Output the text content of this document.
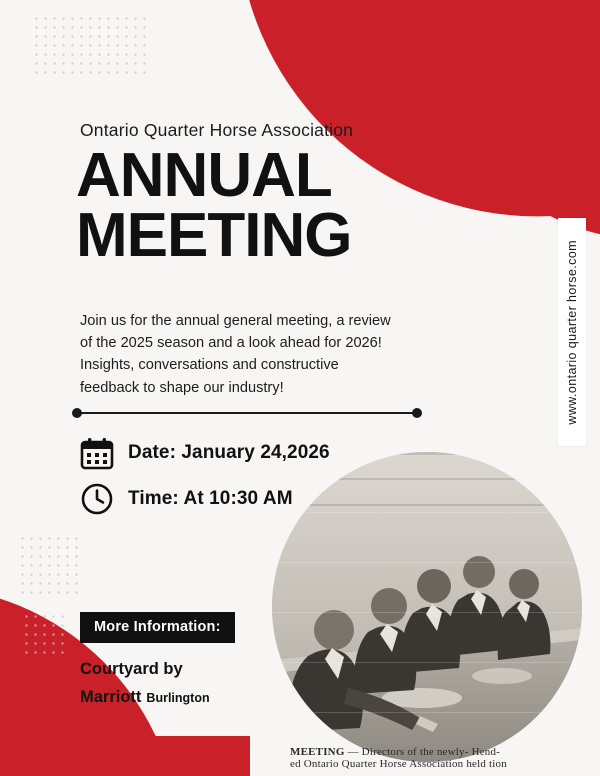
Ontario Quarter Horse Association
ANNUAL
MEETING
Join us for the annual general meeting, a review of the 2025 season and a look ahead for 2026! Insights, conversations and constructive feedback to shape our industry!
Date: January 24,2026
Time: At 10:30 AM
More Information:
Courtyard by
Marriott Burlington
www.ontario quarter horse.com
MEETING — Directors of the newly- Hend-
ed Ontario Quarter Horse Association held tion
